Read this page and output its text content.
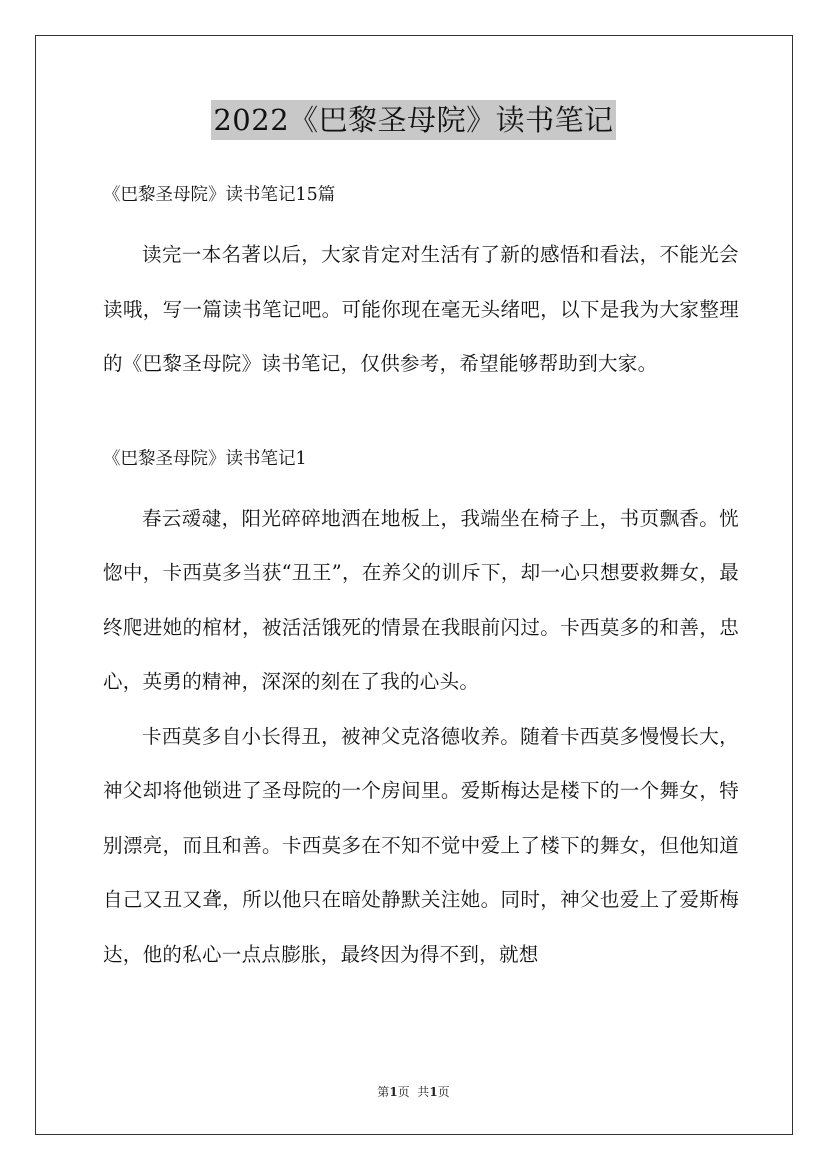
2022《巴黎圣母院》读书笔记

《巴黎圣母院》读书笔记15篇

读完一本名著以后，大家肯定对生活有了新的感悟和看法，不能光会读哦，写一篇读书笔记吧。可能你现在毫无头绪吧，以下是我为大家整理的《巴黎圣母院》读书笔记，仅供参考，希望能够帮助到大家。

《巴黎圣母院》读书笔记1

春云叆叇，阳光碎碎地洒在地板上，我端坐在椅子上，书页飘香。恍惚中，卡西莫多当获“丑王”，在养父的训斥下，却一心只想要救舞女，最终爬进她的棺材，被活活饿死的情景在我眼前闪过。卡西莫多的和善，忠心，英勇的精神，深深的刻在了我的心头。

卡西莫多自小长得丑，被神父克洛德收养。随着卡西莫多慢慢长大，神父却将他锁进了圣母院的一个房间里。爱斯梅达是楼下的一个舞女，特别漂亮，而且和善。卡西莫多在不知不觉中爱上了楼下的舞女，但他知道自己又丑又聋，所以他只在暗处静默关注她。同时，神父也爱上了爱斯梅达，他的私心一点点膨胀，最终因为得不到，就想

第1页  共1页
